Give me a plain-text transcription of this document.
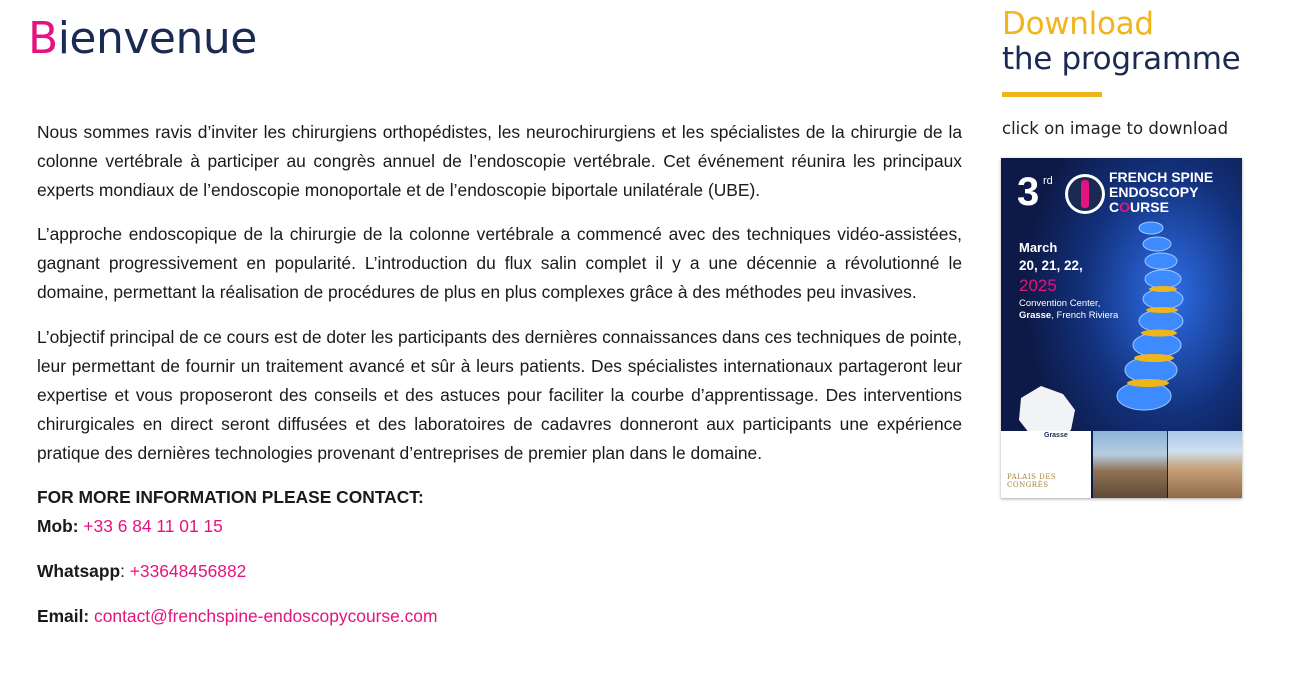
Bienvenue

Nous sommes ravis d’inviter les chirurgiens orthopédistes, les neurochirurgiens et les spécialistes de la chirurgie de la colonne vertébrale à participer au congrès annuel de l’endoscopie vertébrale. Cet événement réunira les principaux experts mondiaux de l’endoscopie monoportale et de l’endoscopie biportale unilatérale (UBE).

L’approche endoscopique de la chirurgie de la colonne vertébrale a commencé avec des techniques vidéo-assistées, gagnant progressivement en popularité. L’introduction du flux salin complet il y a une décennie a révolutionné le domaine, permettant la réalisation de procédures de plus en plus complexes grâce à des méthodes peu invasives.

L’objectif principal de ce cours est de doter les participants des dernières connaissances dans ces techniques de pointe, leur permettant de fournir un traitement avancé et sûr à leurs patients. Des spécialistes internationaux partageront leur expertise et vous proposeront des conseils et des astuces pour faciliter la courbe d’apprentissage. Des interventions chirurgicales en direct seront diffusées et des laboratoires de cadavres donneront aux participants une expérience pratique des dernières technologies provenant d’entreprises de premier plan dans le domaine.

FOR MORE INFORMATION PLEASE CONTACT:
Mob: +33 6 84 11 01 15
Whatsapp: +33648456882
Email: contact@frenchspine-endoscopycourse.com
Download
the programme
click on image to download
3 rd	FRENCH SPINE
ENDOSCOPY
COURSE
March
20, 21, 22,
2025
Convention Center,
Grasse, French Riviera
PALAIS DES CONGRÈS
Grasse
